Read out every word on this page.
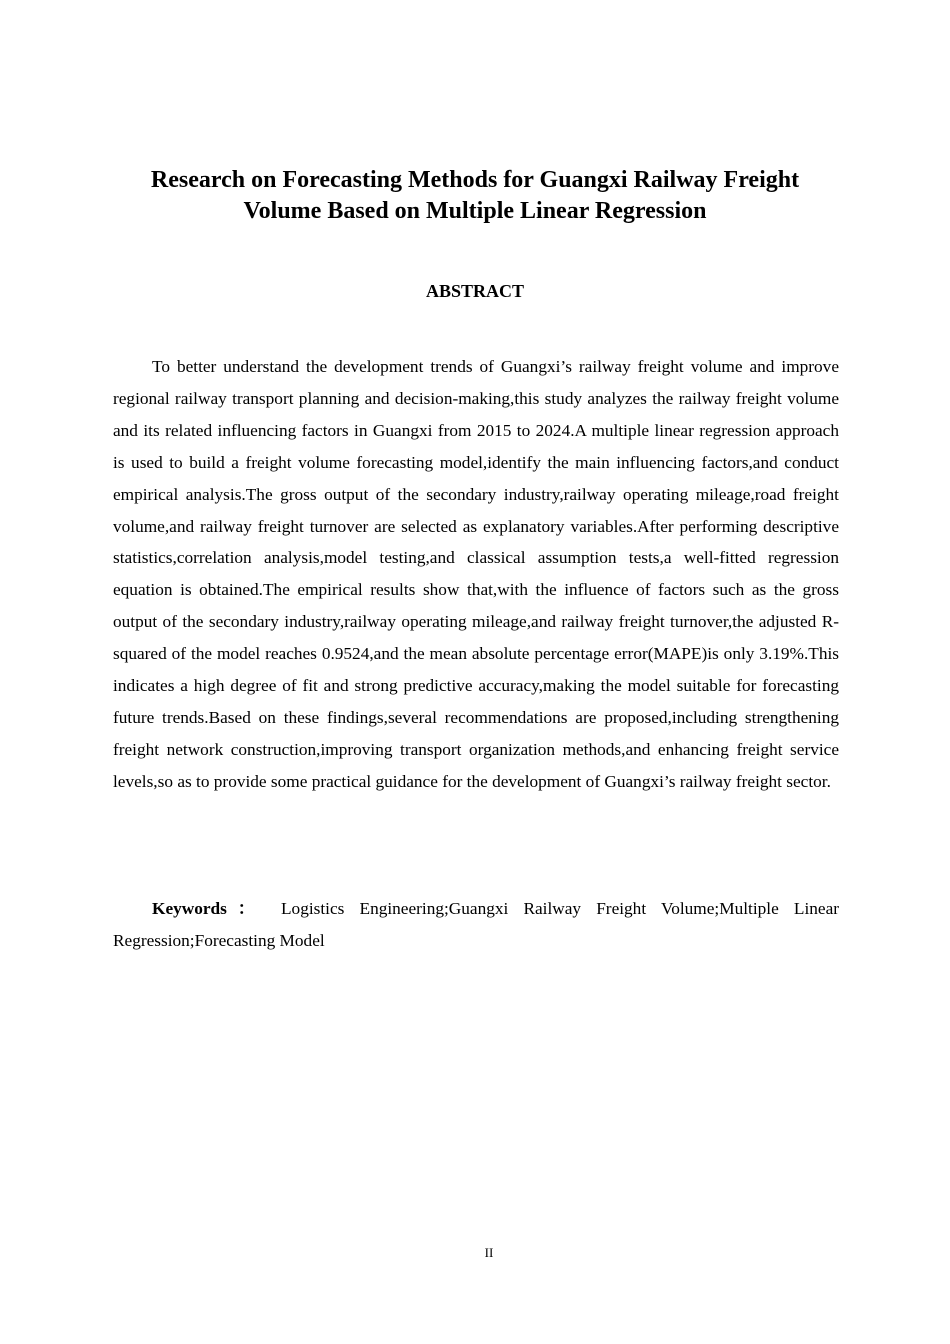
Research on Forecasting Methods for Guangxi Railway Freight
Volume Based on Multiple Linear Regression
ABSTRACT

To better understand the development trends of Guangxi’s railway freight volume and improve regional railway transport planning and decision-making,this study analyzes the railway freight volume and its related influencing factors in Guangxi from 2015 to 2024.A multiple linear regression approach is used to build a freight volume forecasting model,identify the main influencing factors,and conduct empirical analysis.The gross output of the secondary industry,railway operating mileage,road freight volume,and railway freight turnover are selected as explanatory variables.After performing descriptive statistics,correlation analysis,model testing,and classical assumption tests,a well-fitted regression equation is obtained.The empirical results show that,with the influence of factors such as the gross output of the secondary industry,railway operating mileage,and railway freight turnover,the adjusted R-squared of the model reaches 0.9524,and the mean absolute percentage error(MAPE)is only 3.19%.This indicates a high degree of fit and strong predictive accuracy,making the model suitable for forecasting future trends.Based on these findings,several recommendations are proposed,including strengthening freight network construction,improving transport organization methods,and enhancing freight service levels,so as to provide some practical guidance for the development of Guangxi’s railway freight sector.

Keywords： Logistics Engineering;Guangxi Railway Freight Volume;Multiple Linear Regression;Forecasting Model

II
